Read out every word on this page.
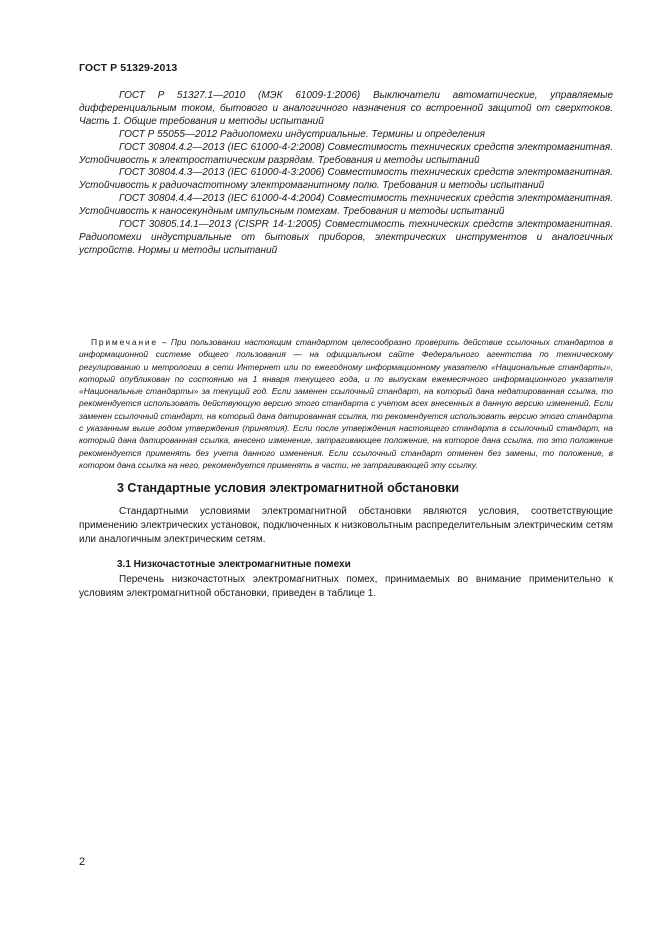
ГОСТ Р 51329-2013

ГОСТ Р 51327.1—2010 (МЭК 61009-1:2006) Выключатели автоматические, управляемые дифференциальным током, бытового и аналогичного назначения со встроенной защитой от сверхтоков. Часть 1. Общие требования и методы испытаний

ГОСТ Р 55055—2012 Радиопомехи индустриальные. Термины и определения

ГОСТ 30804.4.2—2013 (IEC 61000-4-2:2008) Совместимость технических средств электромагнитная. Устойчивость к электростатическим разрядам. Требования и методы испытаний

ГОСТ 30804.4.3—2013 (IEC 61000-4-3:2006) Совместимость технических средств электромагнитная. Устойчивость к радиочастотному электромагнитному полю. Требования и методы испытаний

ГОСТ 30804.4.4—2013 (IEC 61000-4-4:2004) Совместимость технических средств электромагнитная. Устойчивость к наносекундным импульсным помехам. Требования и методы испытаний

ГОСТ 30805.14.1—2013 (CISPR 14-1:2005) Совместимость технических средств электромагнитная. Радиопомехи индустриальные от бытовых приборов, электрических инструментов и аналогичных устройств. Нормы и методы испытаний

Примечание – При пользовании настоящим стандартом целесообразно проверить действие ссылочных стандартов в информационной системе общего пользования — на официальном сайте Федерального агентства по техническому регулированию и метрологии в сети Интернет или по ежегодному информационному указателю «Национальные стандарты», который опубликован по состоянию на 1 января текущего года, и по выпускам ежемесячного информационного указателя «Национальные стандарты» за текущий год. Если заменен ссылочный стандарт, на который дана недатированная ссылка, то рекомендуется использовать действующую версию этого стандарта с учетом всех внесенных в данную версию изменений. Если заменен ссылочный стандарт, на который дана датированная ссылка, то рекомендуется использовать версию этого стандарта с указанным выше годом утверждения (принятия). Если после утверждения настоящего стандарта в ссылочный стандарт, на который дана датированная ссылка, внесено изменение, затрагивающее положение, на которое дана ссылка, то это положение рекомендуется применять без учета данного изменения. Если ссылочный стандарт отменен без замены, то положение, в котором дана ссылка на него, рекомендуется применять в части, не затрагивающей эту ссылку.
3 Стандартные условия электромагнитной обстановки
Стандартными условиями электромагнитной обстановки являются условия, соответствующие применению электрических установок, подключенных к низковольтным распределительным электрическим сетям или аналогичным электрическим сетям.
3.1 Низкочастотные электромагнитные помехи
Перечень низкочастотных электромагнитных помех, принимаемых во внимание применительно к условиям электромагнитной обстановки, приведен в таблице 1.
2
